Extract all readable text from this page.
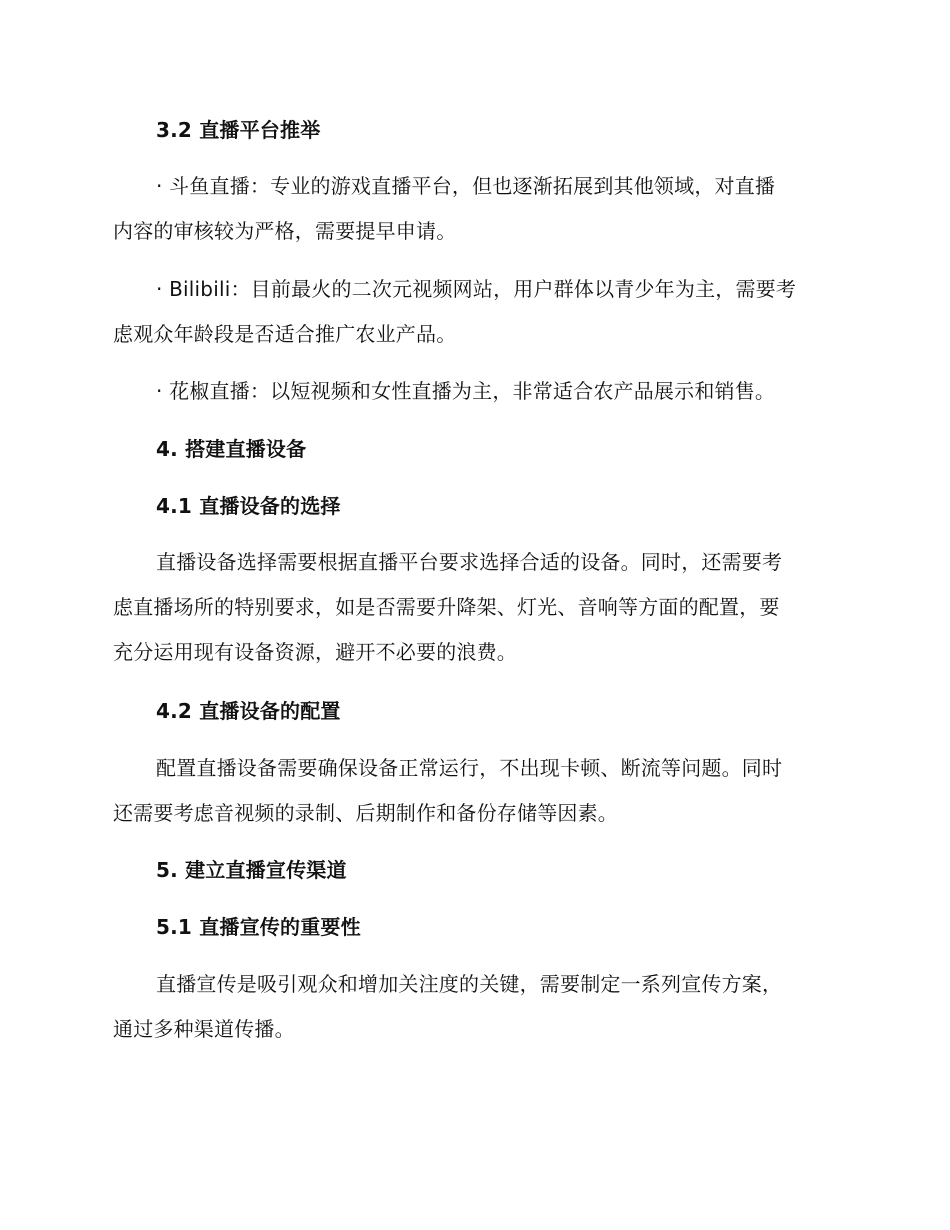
3.2 直播平台推举
· 斗鱼直播：专业的游戏直播平台，但也逐渐拓展到其他领域，对直播
内容的审核较为严格，需要提早申请。
· Bilibili：目前最火的二次元视频网站，用户群体以青少年为主，需要考
虑观众年龄段是否适合推广农业产品。
· 花椒直播：以短视频和女性直播为主，非常适合农产品展示和销售。
4. 搭建直播设备
4.1 直播设备的选择
直播设备选择需要根据直播平台要求选择合适的设备。同时，还需要考
虑直播场所的特别要求，如是否需要升降架、灯光、音响等方面的配置，要
充分运用现有设备资源，避开不必要的浪费。
4.2 直播设备的配置
配置直播设备需要确保设备正常运行，不出现卡顿、断流等问题。同时
还需要考虑音视频的录制、后期制作和备份存储等因素。
5. 建立直播宣传渠道
5.1 直播宣传的重要性
直播宣传是吸引观众和增加关注度的关键，需要制定一系列宣传方案，
通过多种渠道传播。
